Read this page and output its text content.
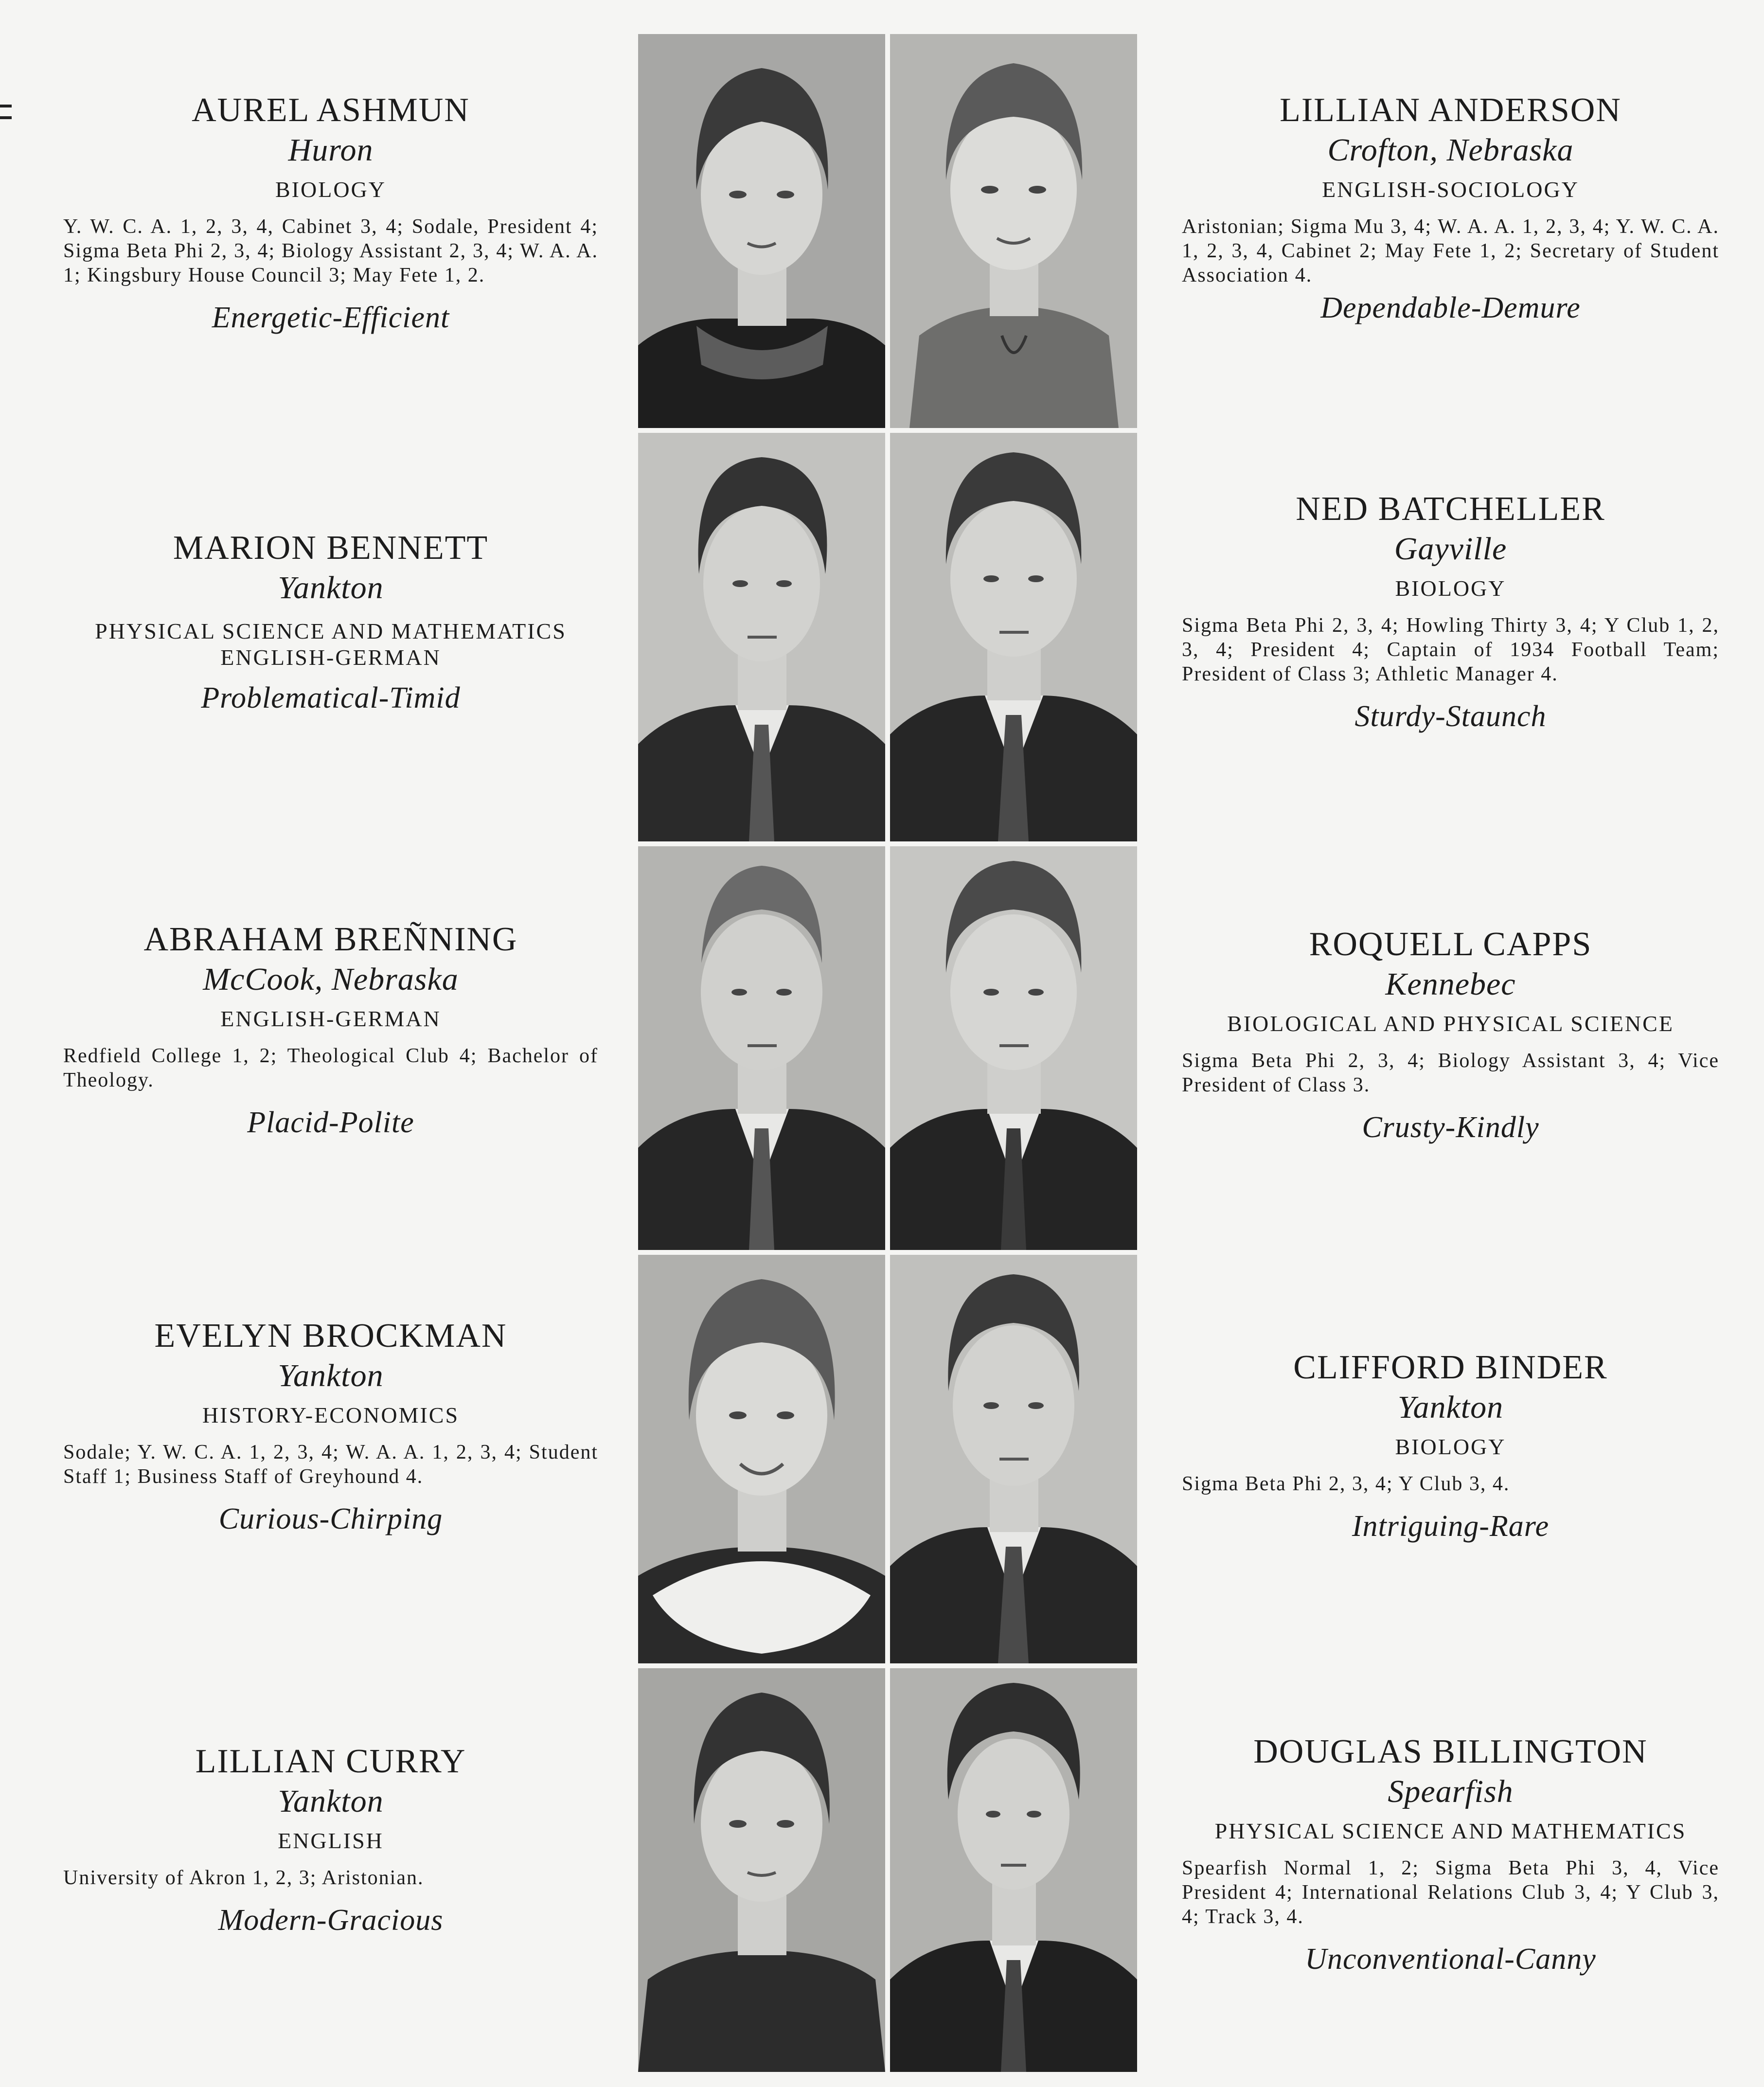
AUREL ASHMUN
Huron
BIOLOGY
Y. W. C. A. 1, 2, 3, 4, Cabinet 3, 4; Sodale, President 4; Sigma Beta Phi 2, 3, 4; Biology Assistant 2, 3, 4; W. A. A. 1; Kingsbury House Council 3; May Fete 1, 2.
Energetic-Efficient
LILLIAN ANDERSON
Crofton, Nebraska
ENGLISH-SOCIOLOGY
Aristonian; Sigma Mu 3, 4; W. A. A. 1, 2, 3, 4; Y. W. C. A. 1, 2, 3, 4, Cabinet 2; May Fete 1, 2; Secretary of Student Association 4.
Dependable-Demure
MARION BENNETT
Yankton
PHYSICAL SCIENCE AND MATHEMATICS ENGLISH-GERMAN
Problematical-Timid
NED BATCHELLER
Gayville
BIOLOGY
Sigma Beta Phi 2, 3, 4; Howling Thirty 3, 4; Y Club 1, 2, 3, 4; President 4; Captain of 1934 Football Team; President of Class 3; Athletic Manager 4.
Sturdy-Staunch
ABRAHAM BREÑNING
McCook, Nebraska
ENGLISH-GERMAN
Redfield College 1, 2; Theological Club 4; Bachelor of Theology.
Placid-Polite
ROQUELL CAPPS
Kennebec
BIOLOGICAL AND PHYSICAL SCIENCE
Sigma Beta Phi 2, 3, 4; Biology Assistant 3, 4; Vice President of Class 3.
Crusty-Kindly
EVELYN BROCKMAN
Yankton
HISTORY-ECONOMICS
Sodale; Y. W. C. A. 1, 2, 3, 4; W. A. A. 1, 2, 3, 4; Student Staff 1; Business Staff of Greyhound 4.
Curious-Chirping
CLIFFORD BINDER
Yankton
BIOLOGY
Sigma Beta Phi 2, 3, 4; Y Club 3, 4.
Intriguing-Rare
LILLIAN CURRY
Yankton
ENGLISH
University of Akron 1, 2, 3; Aristonian.
Modern-Gracious
DOUGLAS BILLINGTON
Spearfish
PHYSICAL SCIENCE AND MATHEMATICS
Spearfish Normal 1, 2; Sigma Beta Phi 3, 4, Vice President 4; International Relations Club 3, 4; Y Club 3, 4; Track 3, 4.
Unconventional-Canny
